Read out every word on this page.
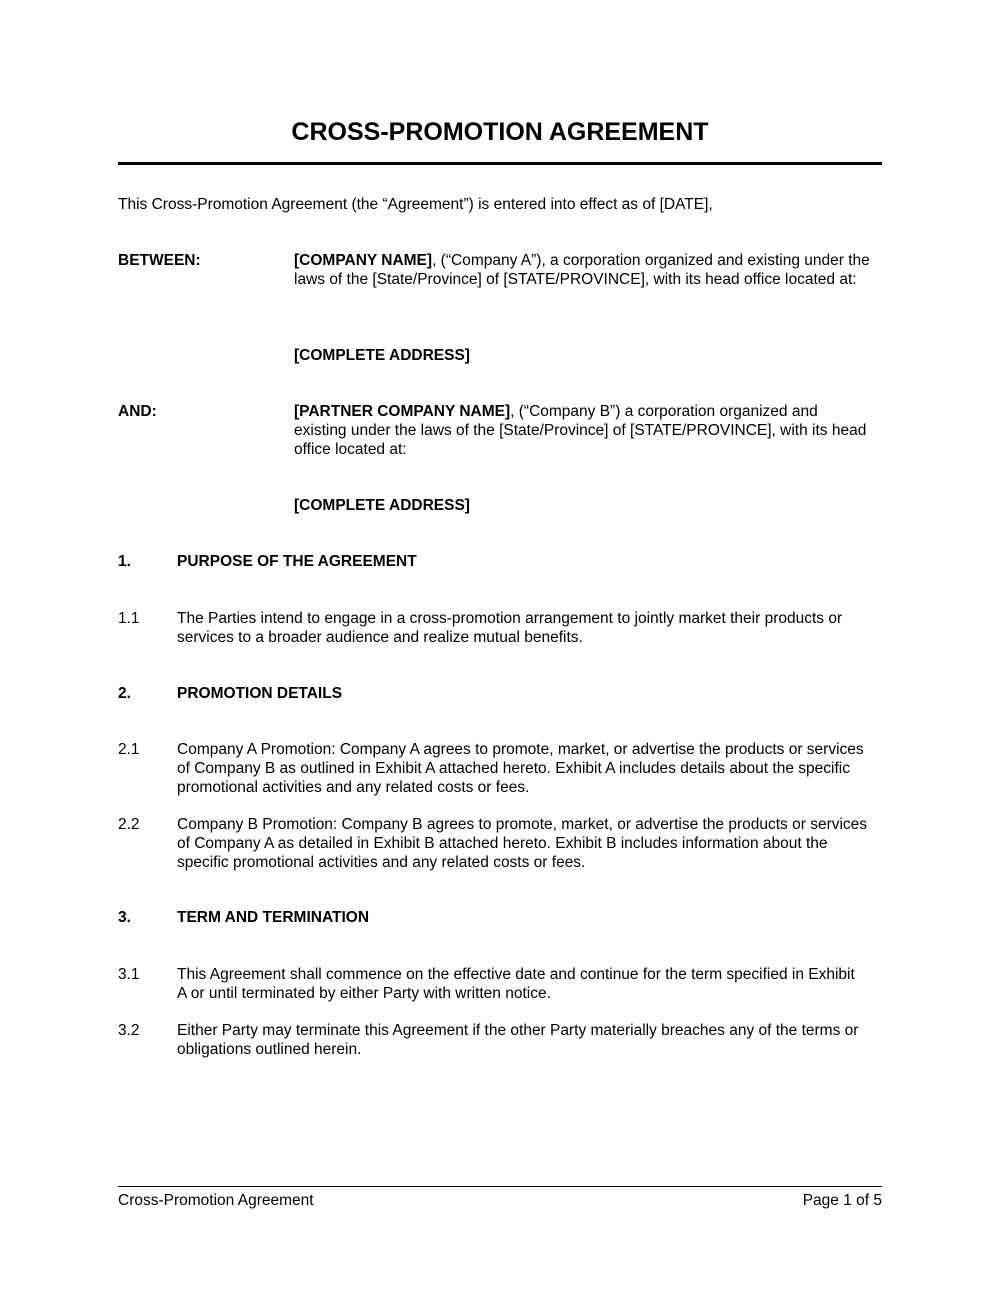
CROSS-PROMOTION AGREEMENT
This Cross-Promotion Agreement (the “Agreement”) is entered into effect as of [DATE],
BETWEEN:	[COMPANY NAME], (“Company A”), a corporation organized and existing under the laws of the [State/Province] of [STATE/PROVINCE], with its head office located at:
[COMPLETE ADDRESS]
AND:	[PARTNER COMPANY NAME], (“Company B”) a corporation organized and existing under the laws of the [State/Province] of [STATE/PROVINCE], with its head office located at:
[COMPLETE ADDRESS]
1.	PURPOSE OF THE AGREEMENT
1.1 The Parties intend to engage in a cross-promotion arrangement to jointly market their products or services to a broader audience and realize mutual benefits.
2.	PROMOTION DETAILS
2.1 Company A Promotion: Company A agrees to promote, market, or advertise the products or services of Company B as outlined in Exhibit A attached hereto. Exhibit A includes details about the specific promotional activities and any related costs or fees.
2.2 Company B Promotion: Company B agrees to promote, market, or advertise the products or services of Company A as detailed in Exhibit B attached hereto. Exhibit B includes information about the specific promotional activities and any related costs or fees.
3.	TERM AND TERMINATION
3.1 This Agreement shall commence on the effective date and continue for the term specified in Exhibit A or until terminated by either Party with written notice.
3.2 Either Party may terminate this Agreement if the other Party materially breaches any of the terms or obligations outlined herein.
Cross-Promotion Agreement	Page 1 of 5
